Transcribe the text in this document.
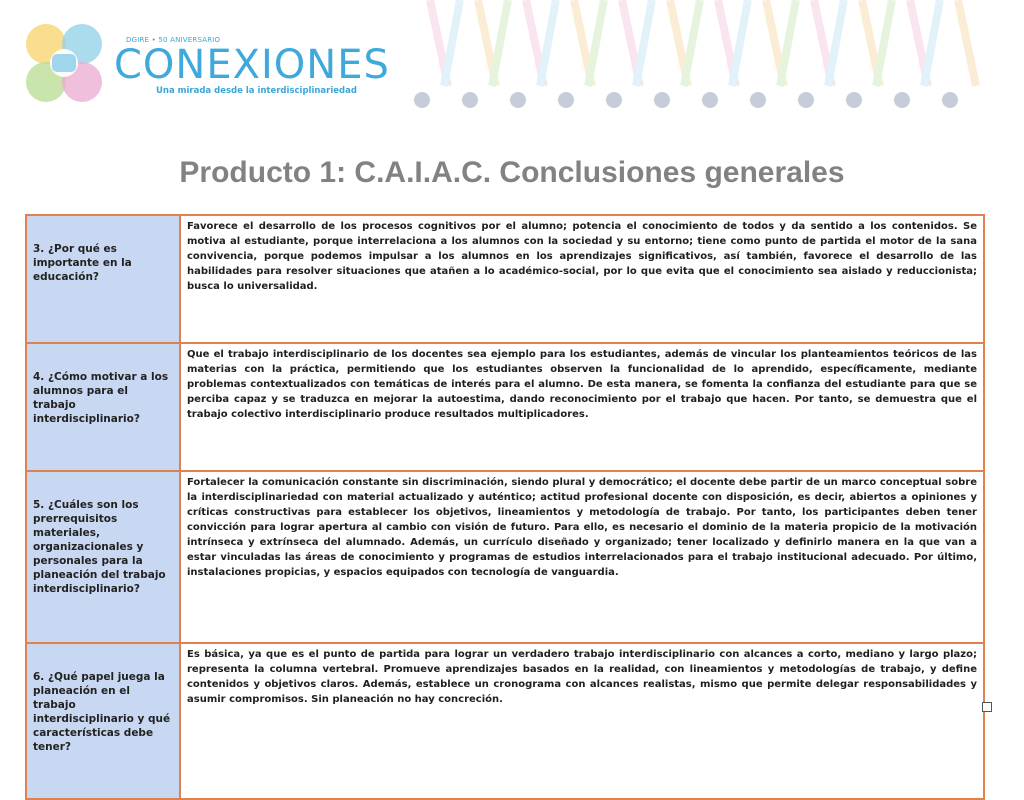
DGIRE • 50 ANIVERSARIO
CONEXIONES
Una mirada desde la interdisciplinariedad
Producto 1: C.A.I.A.C. Conclusiones generales
3. ¿Por qué es importante en la educación?	Favorece el desarrollo de los procesos cognitivos por el alumno; potencia el conocimiento de todos y da sentido a los contenidos. Se motiva al estudiante, porque interrelaciona a los alumnos con la sociedad y su entorno; tiene como punto de partida el motor de la sana convivencia, porque podemos impulsar a los alumnos en los aprendizajes significativos, así también, favorece el desarrollo de las habilidades para resolver situaciones que atañen a lo académico-social, por lo que evita que el conocimiento sea aislado y reduccionista; busca lo universalidad.
4. ¿Cómo motivar a los alumnos para el trabajo interdisciplinario?	Que el trabajo interdisciplinario de los docentes sea ejemplo para los estudiantes, además de vincular los planteamientos teóricos de las materias con la práctica, permitiendo que los estudiantes observen la funcionalidad de lo aprendido, específicamente, mediante problemas contextualizados con temáticas de interés para el alumno. De esta manera, se fomenta la confianza del estudiante para que se perciba capaz y se traduzca en mejorar la autoestima, dando reconocimiento por el trabajo que hacen. Por tanto, se demuestra que el trabajo colectivo interdisciplinario produce resultados multiplicadores.
5. ¿Cuáles son los prerrequisitos materiales, organizacionales y personales para la planeación del trabajo interdisciplinario?	Fortalecer la comunicación constante sin discriminación, siendo plural y democrático; el docente debe partir de un marco conceptual sobre la interdisciplinariedad con material actualizado y auténtico; actitud profesional docente con disposición, es decir, abiertos a opiniones y críticas constructivas para establecer los objetivos, lineamientos y metodología de trabajo. Por tanto, los participantes deben tener convicción para lograr apertura al cambio con visión de futuro. Para ello, es necesario el dominio de la materia propicio de la motivación intrínseca y extrínseca del alumnado. Además, un currículo diseñado y organizado; tener localizado y definirlo manera en la que van a estar vinculadas las áreas de conocimiento y programas de estudios interrelacionados para el trabajo institucional adecuado. Por último, instalaciones propicias, y espacios equipados con tecnología de vanguardia.
6. ¿Qué papel juega la planeación en el trabajo interdisciplinario y qué características debe tener?	Es básica, ya que es el punto de partida para lograr un verdadero trabajo interdisciplinario con alcances a corto, mediano y largo plazo; representa la columna vertebral. Promueve aprendizajes basados en la realidad, con lineamientos y metodologías de trabajo, y define contenidos y objetivos claros. Además, establece un cronograma con alcances realistas, mismo que permite delegar responsabilidades y asumir compromisos. Sin planeación no hay concreción.
